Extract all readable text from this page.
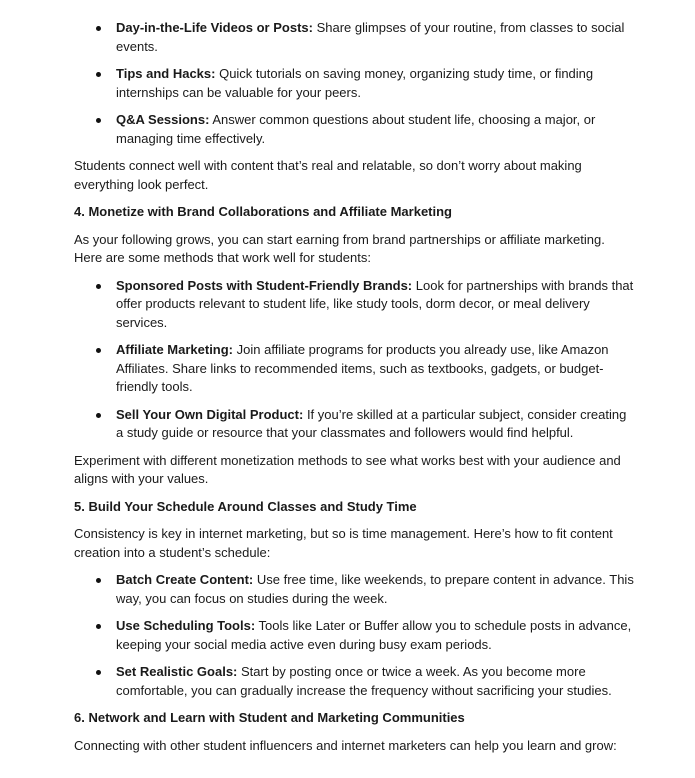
Day-in-the-Life Videos or Posts: Share glimpses of your routine, from classes to social events.
Tips and Hacks: Quick tutorials on saving money, organizing study time, or finding internships can be valuable for your peers.
Q&A Sessions: Answer common questions about student life, choosing a major, or managing time effectively.

Students connect well with content that’s real and relatable, so don’t worry about making everything look perfect.

4. Monetize with Brand Collaborations and Affiliate Marketing

As your following grows, you can start earning from brand partnerships or affiliate marketing. Here are some methods that work well for students:

Sponsored Posts with Student-Friendly Brands: Look for partnerships with brands that offer products relevant to student life, like study tools, dorm decor, or meal delivery services.
Affiliate Marketing: Join affiliate programs for products you already use, like Amazon Affiliates. Share links to recommended items, such as textbooks, gadgets, or budget-friendly tools.
Sell Your Own Digital Product: If you’re skilled at a particular subject, consider creating a study guide or resource that your classmates and followers would find helpful.

Experiment with different monetization methods to see what works best with your audience and aligns with your values.

5. Build Your Schedule Around Classes and Study Time

Consistency is key in internet marketing, but so is time management. Here’s how to fit content creation into a student’s schedule:

Batch Create Content: Use free time, like weekends, to prepare content in advance. This way, you can focus on studies during the week.
Use Scheduling Tools: Tools like Later or Buffer allow you to schedule posts in advance, keeping your social media active even during busy exam periods.
Set Realistic Goals: Start by posting once or twice a week. As you become more comfortable, you can gradually increase the frequency without sacrificing your studies.
6. Network and Learn with Student and Marketing Communities

Connecting with other student influencers and internet marketers can help you learn and grow:
